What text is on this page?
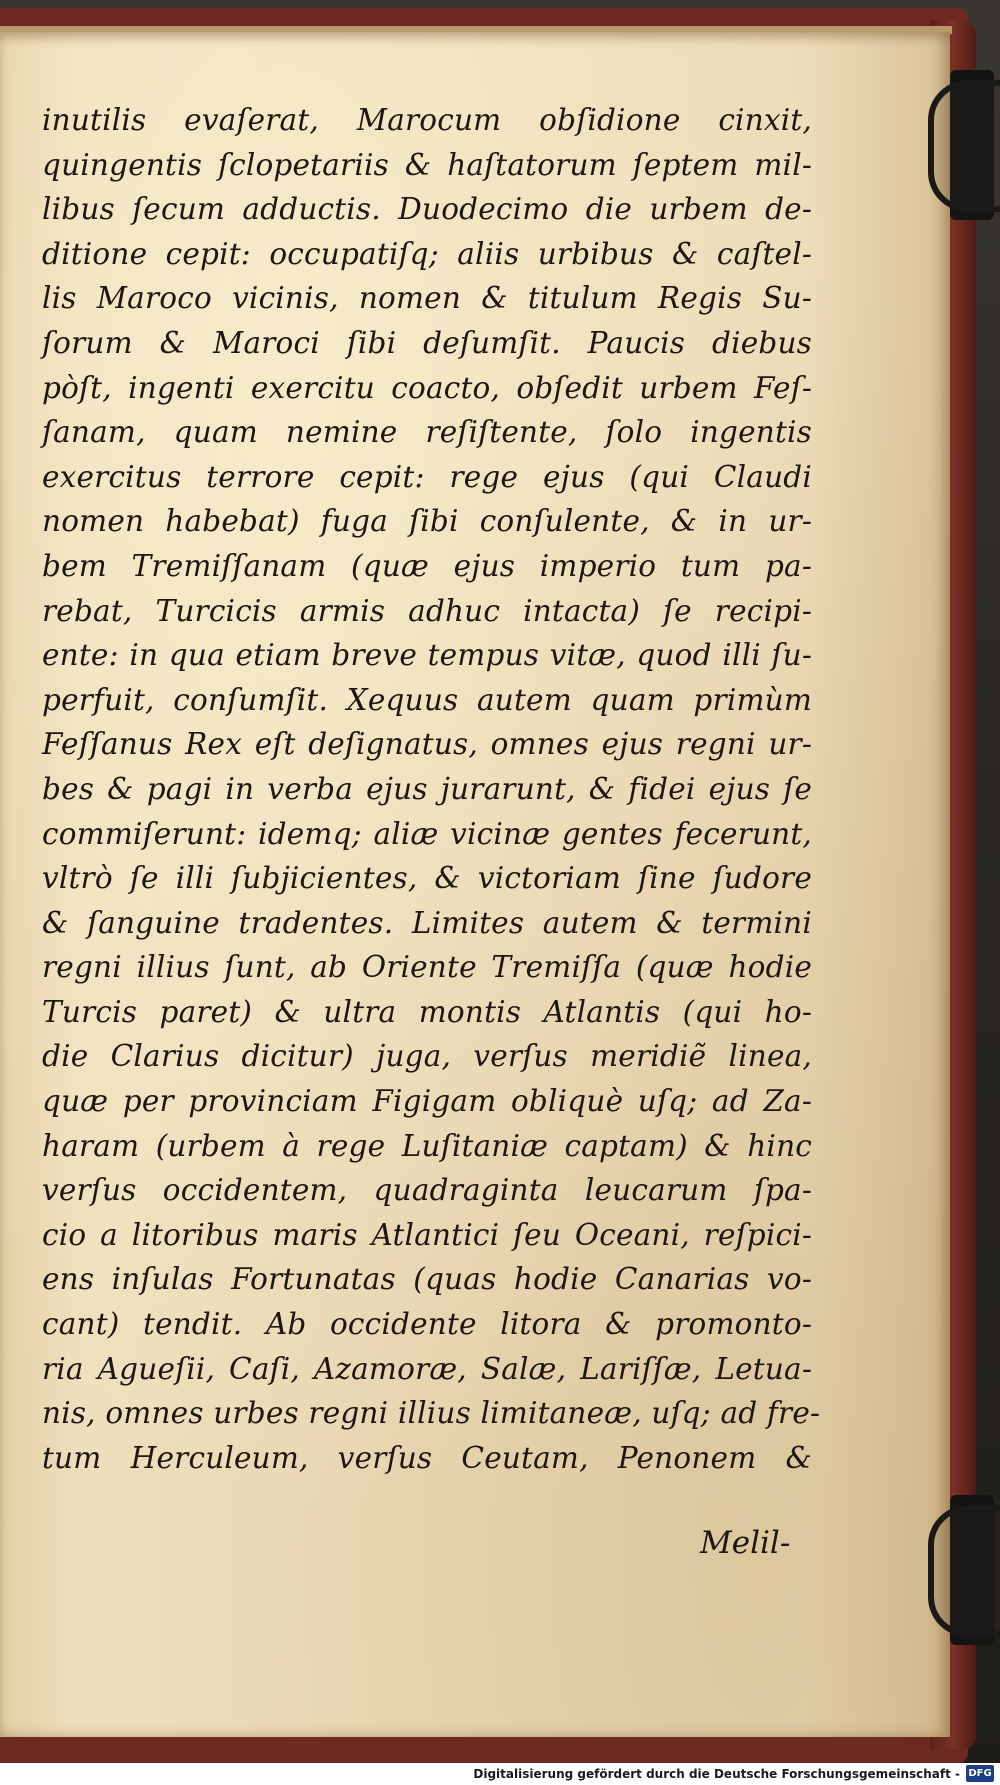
inutilis evaſerat, Marocum obſidione cinxit,
quingentis ſclopetariis & haſtatorum ſeptem mil-
libus ſecum adductis. Duodecimo die urbem de-
ditione cepit: occupatiſq; aliis urbibus & caſtel-
lis Maroco vicinis, nomen & titulum Regis Su-
ſorum & Maroci ſibi deſumſit. Paucis diebus
pòſt, ingenti exercitu coacto, obſedit urbem Feſ-
ſanam, quam nemine reſiſtente, ſolo ingentis
exercitus terrore cepit: rege ejus (qui Claudi
nomen habebat) fuga ſibi conſulente, & in ur-
bem Tremiſſanam (quæ ejus imperio tum pa-
rebat, Turcicis armis adhuc intacta) ſe recipi-
ente: in qua etiam breve tempus vitæ, quod illi ſu-
perfuit, conſumſit. Xequus autem quam primùm
Feſſanus Rex eſt deſignatus, omnes ejus regni ur-
bes & pagi in verba ejus jurarunt, & fidei ejus ſe
commiſerunt: idemq; aliæ vicinæ gentes fecerunt,
vltrò ſe illi ſubjicientes, & victoriam ſine ſudore
& ſanguine tradentes. Limites autem & termini
regni illius ſunt, ab Oriente Tremiſſa (quæ hodie
Turcis paret) & ultra montis Atlantis (qui ho-
die Clarius dicitur) juga, verſus meridiẽ linea,
quæ per provinciam Figigam obliquè uſq; ad Za-
haram (urbem à rege Luſitaniæ captam) & hinc
verſus occidentem, quadraginta leucarum ſpa-
cio a litoribus maris Atlantici ſeu Oceani, reſpici-
ens inſulas Fortunatas (quas hodie Canarias vo-
cant) tendit. Ab occidente litora & promonto-
ria Agueſii, Caſi, Azamoræ, Salæ, Lariſſæ, Letua-
nis, omnes urbes regni illius limitaneæ, uſq; ad fre-
tum Herculeum, verſus Ceutam, Penonem &
Melil-
Digitalisierung gefördert durch die Deutsche Forschungsgemeinschaft - DFG
